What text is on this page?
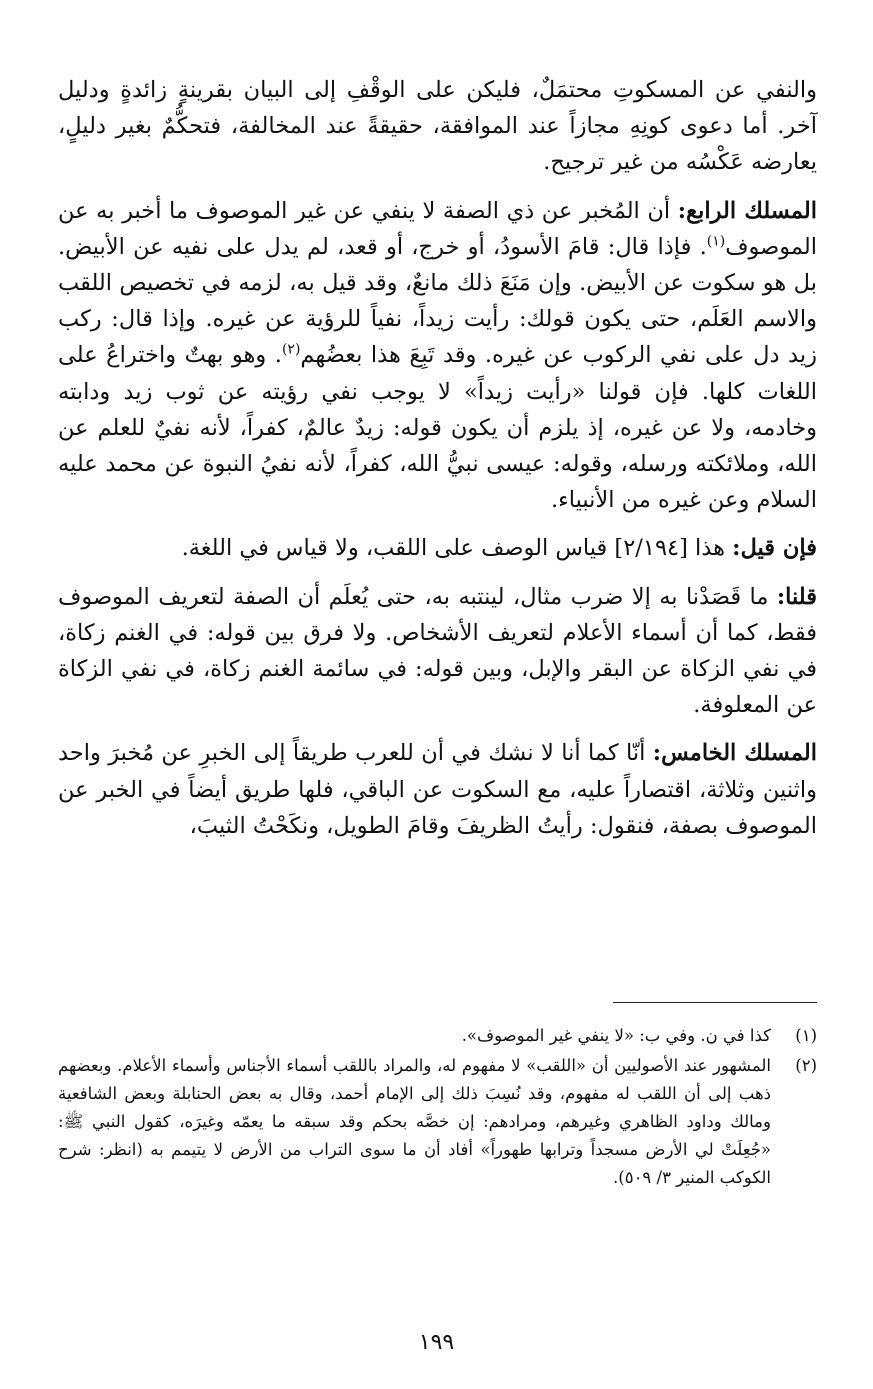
والنفي عن المسكوتِ محتمَلٌ، فليكن على الوقْفِ إلى البيان بقرينةٍ زائدةٍ ودليل آخر. أما دعوى كونِهِ مجازاً عند الموافقة، حقيقةً عند المخالفة، فتحكُّمٌ بغير دليلٍ، يعارضه عَكْسُه من غير ترجيح.

المسلك الرابع: أن المُخبر عن ذي الصفة لا ينفي عن غير الموصوف ما أخبر به عن الموصوف$^{(١)}$. فإذا قال: قامَ الأسودُ، أو خرج، أو قعد، لم يدل على نفيه عن الأبيض. بل هو سكوت عن الأبيض. وإن مَنَعَ ذلك مانعٌ، وقد قيل به، لزمه في تخصيص اللقب والاسم العَلَم، حتى يكون قولك: رأيت زيداً، نفياً للرؤية عن غيره. وإذا قال: ركب زيد دل على نفي الركوب عن غيره. وقد تَبِعَ هذا بعضُهم$^{(٢)}$. وهو بهتٌ واختراعُ على اللغات كلها. فإن قولنا «رأيت زيداً» لا يوجب نفي رؤيته عن ثوب زيد ودابته وخادمه، ولا عن غيره، إذ يلزم أن يكون قوله: زيدٌ عالمٌ، كفراً، لأنه نفيٌ للعلم عن الله، وملائكته ورسله، وقوله: عيسى نبيُّ الله، كفراً، لأنه نفيُ النبوة عن محمد عليه السلام وعن غيره من الأنبياء.

فإن قيل: هذا [٢/١٩٤] قياس الوصف على اللقب، ولا قياس في اللغة.

قلنا: ما قَصَدْنا به إلا ضرب مثال، لينتبه به، حتى يُعلَم أن الصفة لتعريف الموصوف فقط، كما أن أسماء الأعلام لتعريف الأشخاص. ولا فرق بين قوله: في الغنم زكاة، في نفي الزكاة عن البقر والإبل، وبين قوله: في سائمة الغنم زكاة، في نفي الزكاة عن المعلوفة.

المسلك الخامس: أنّا كما أنا لا نشك في أن للعرب طريقاً إلى الخبرِ عن مُخبرَ واحد واثنين وثلاثة، اقتصاراً عليه، مع السكوت عن الباقي، فلها طريق أيضاً في الخبر عن الموصوف بصفة، فنقول: رأيتُ الظريفَ وقامَ الطويل، ونكَحْتُ الثيبَ،

(١)
كذا في ن. وفي ب: «لا ينفي غير الموصوف».
(٢)
المشهور عند الأصوليين أن «اللقب» لا مفهوم له، والمراد باللقب أسماء الأجناس وأسماء الأعلام. وبعضهم ذهب إلى أن اللقب له مفهوم، وقد نُسِبَ ذلك إلى الإمام أحمد، وقال به بعض الحنابلة وبعض الشافعية ومالك وداود الظاهري وغيرهم، ومرادهم: إن خصَّه بحكم وقد سبقه ما يعمّه وغيرَه، كقول النبي ﷺ: «جُعِلَتْ لي الأرض مسجداً وترابها طهوراً» أفاد أن ما سوى التراب من الأرض لا يتيمم به (انظر: شرح الكوكب المنير ٣/ ٥٠٩).
١٩٩
